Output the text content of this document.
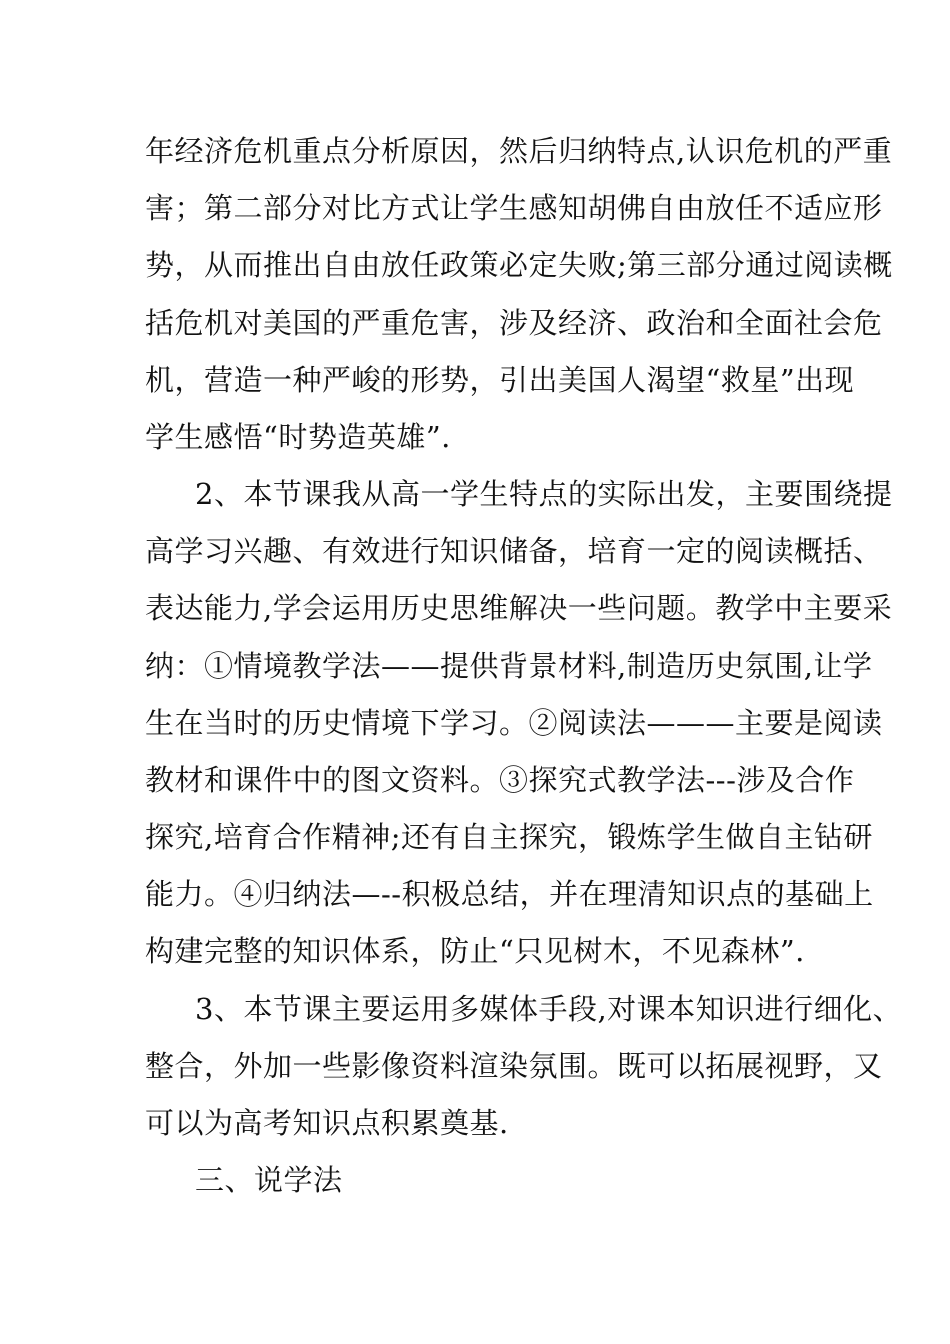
年经济危机重点分析原因，然后归纳特点,认识危机的严重
害；第二部分对比方式让学生感知胡佛自由放任不适应形
势，从而推出自由放任政策必定失败;第三部分通过阅读概
括危机对美国的严重危害，涉及经济、政治和全面社会危
机，营造一种严峻的形势，引出美国人渴望“救星”出现
学生感悟“时势造英雄”.
2、本节课我从高一学生特点的实际出发，主要围绕提
高学习兴趣、有效进行知识储备，培育一定的阅读概括、
表达能力,学会运用历史思维解决一些问题。教学中主要采
纳：①情境教学法——提供背景材料,制造历史氛围,让学
生在当时的历史情境下学习。②阅读法———主要是阅读
教材和课件中的图文资料。③探究式教学法---涉及合作
探究,培育合作精神;还有自主探究，锻炼学生做自主钻研
能力。④归纳法—--积极总结，并在理清知识点的基础上
构建完整的知识体系，防止“只见树木，不见森林”.
3、本节课主要运用多媒体手段,对课本知识进行细化、
整合，外加一些影像资料渲染氛围。既可以拓展视野，又
可以为高考知识点积累奠基.
三、说学法
